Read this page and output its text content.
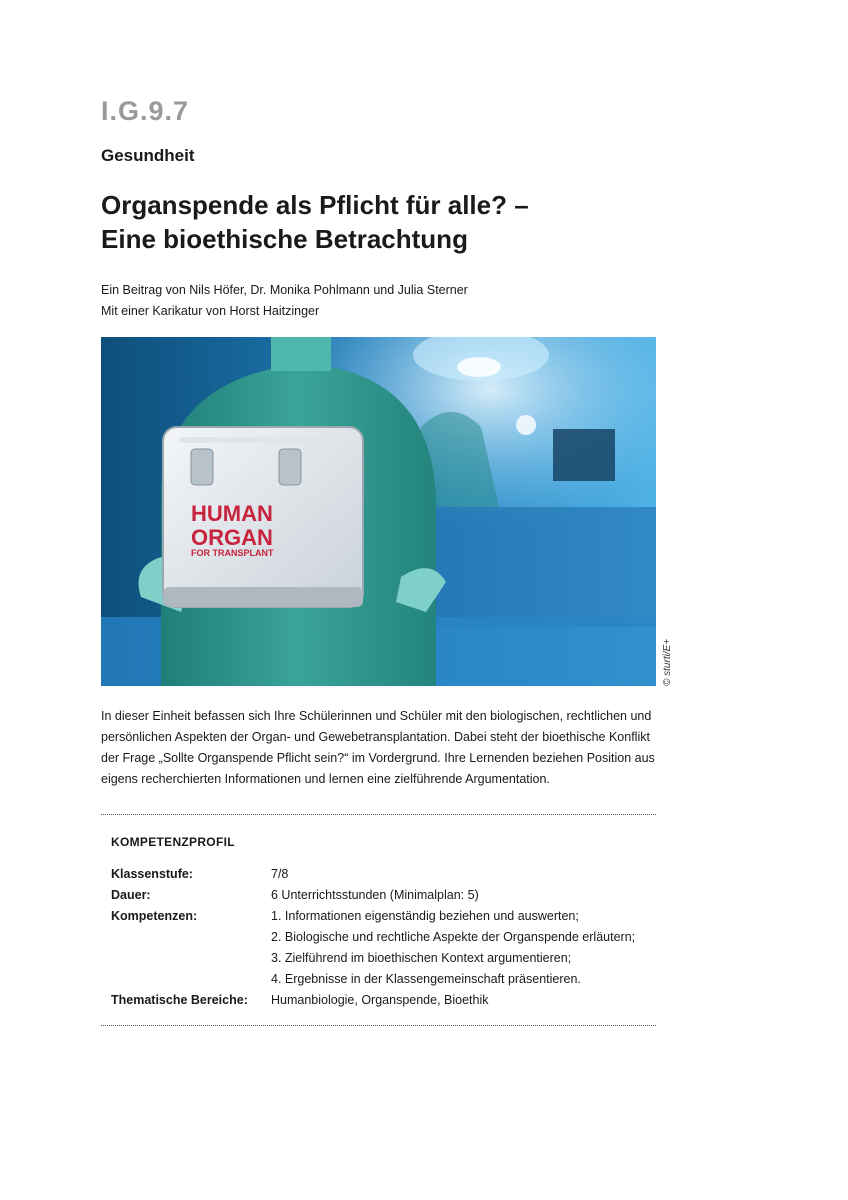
I.G.9.7
Gesundheit
Organspende als Pflicht für alle? –
Eine bioethische Betrachtung
Ein Beitrag von Nils Höfer, Dr. Monika Pohlmann und Julia Sterner
Mit einer Karikatur von Horst Haitzinger
HUMAN
ORGAN
FOR TRANSPLANT
© sturti/E+

In dieser Einheit befassen sich Ihre Schülerinnen und Schüler mit den biologischen, rechtlichen und persönlichen Aspekten der Organ- und Gewebetransplantation. Dabei steht der bioethische Konflikt der Frage „Sollte Organspende Pflicht sein?“ im Vordergrund. Ihre Lernenden beziehen Position aus eigens recherchierten Informationen und lernen eine zielführende Argumentation.

KOMPETENZPROFIL
Klassenstufe:	7/8
Dauer:	6 Unterrichtsstunden (Minimalplan: 5)
Kompetenzen:	1. Informationen eigenständig beziehen und auswerten;
2. Biologische und rechtliche Aspekte der Organspende erläutern;
3. Zielführend im bioethischen Kontext argumentieren;
4. Ergebnisse in der Klassengemeinschaft präsentieren.
Thematische Bereiche:	Humanbiologie, Organspende, Bioethik
